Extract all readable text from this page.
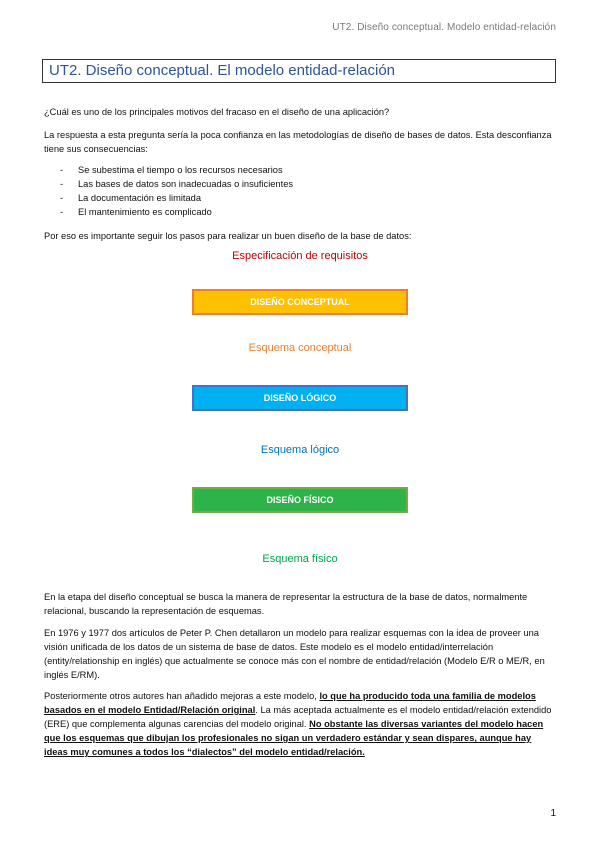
UT2. Diseño conceptual. Modelo entidad-relación
UT2. Diseño conceptual. El modelo entidad-relación

¿Cuál es uno de los principales motivos del fracaso en el diseño de una aplicación?

La respuesta a esta pregunta sería la poca confianza en las metodologías de diseño de bases de datos. Esta desconfianza tiene sus consecuencias:

- Se subestima el tiempo o los recursos necesarios
- Las bases de datos son inadecuadas o insuficientes
- La documentación es limitada
- El mantenimiento es complicado

Por eso es importante seguir los pasos para realizar un buen diseño de la base de datos:

Especificación de requisitos
DISEÑO CONCEPTUAL
Esquema conceptual
DISEÑO LÓGICO
Esquema lógico
DISEÑO FÍSICO
Esquema físico

En la etapa del diseño conceptual se busca la manera de representar la estructura de la base de datos, normalmente relacional, buscando la representación de esquemas.

En 1976 y 1977 dos artículos de Peter P. Chen detallaron un modelo para realizar esquemas con la idea de proveer una visión unificada de los datos de un sistema de base de datos. Este modelo es el modelo entidad/interrelación (entity/relationship en inglés) que actualmente se conoce más con el nombre de entidad/relación (Modelo E/R o ME/R, en inglés E/RM).

Posteriormente otros autores han añadido mejoras a este modelo, lo que ha producido toda una familia de modelos basados en el modelo Entidad/Relación original. La más aceptada actualmente es el modelo entidad/relación extendido (ERE) que complementa algunas carencias del modelo original. No obstante las diversas variantes del modelo hacen que los esquemas que dibujan los profesionales no sigan un verdadero estándar y sean dispares, aunque hay ideas muy comunes a todos los “dialectos” del modelo entidad/relación.

1
